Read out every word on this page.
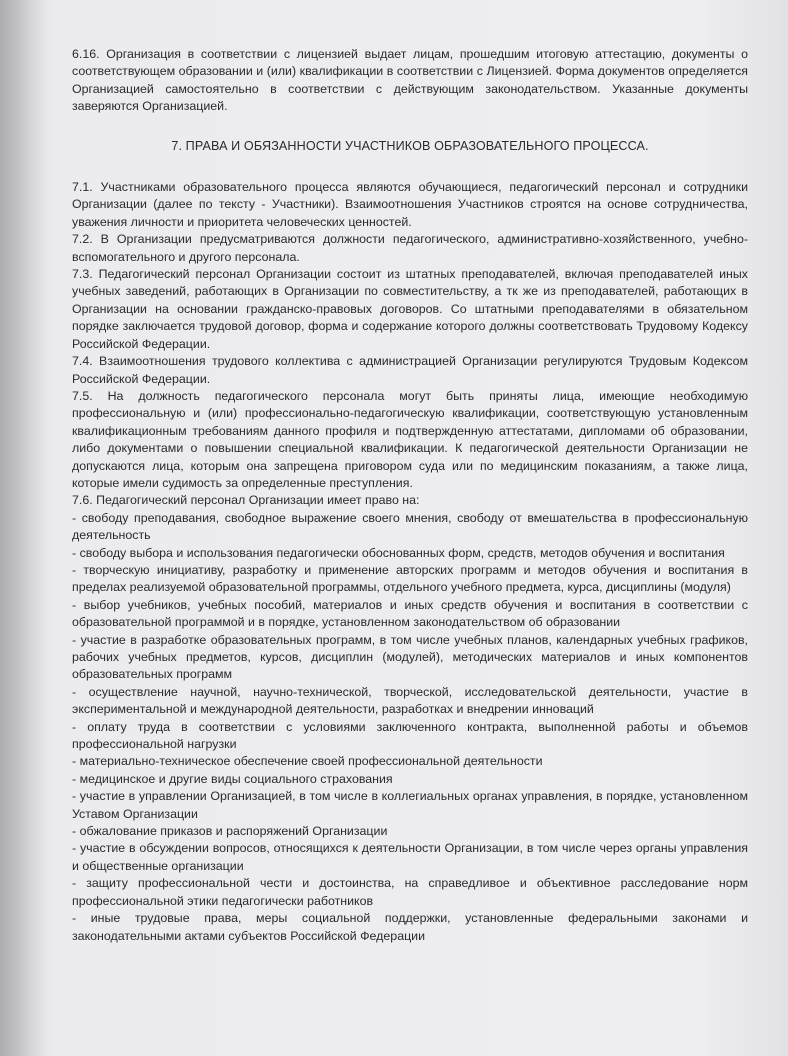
6.16. Организация в соответствии с лицензией выдает лицам, прошедшим итоговую аттестацию, документы о соответствующем образовании и (или) квалификации в соответствии с Лицензией. Форма документов определяется Организацией самостоятельно в соответствии с действующим законодательством. Указанные документы заверяются Организацией.

7. ПРАВА И ОБЯЗАННОСТИ УЧАСТНИКОВ ОБРАЗОВАТЕЛЬНОГО ПРОЦЕССА.

7.1. Участниками образовательного процесса являются обучающиеся, педагогический персонал и сотрудники Организации (далее по тексту - Участники). Взаимоотношения Участников строятся на основе сотрудничества, уважения личности и приоритета человеческих ценностей.

7.2. В Организации предусматриваются должности педагогического, административно-хозяйственного, учебно-вспомогательного и другого персонала.

7.3. Педагогический персонал Организации состоит из штатных преподавателей, включая преподавателей иных учебных заведений, работающих в Организации по совместительству, а тк же из преподавателей, работающих в Организации на основании гражданско-правовых договоров. Со штатными преподавателями в обязательном порядке заключается трудовой договор, форма и содержание которого должны соответствовать Трудовому Кодексу Российской Федерации.

7.4. Взаимоотношения трудового коллектива с администрацией Организации регулируются Трудовым Кодексом Российской Федерации.

7.5. На должность педагогического персонала могут быть приняты лица, имеющие необходимую профессиональную и (или) профессионально-педагогическую квалификации, соответствующую установленным квалификационным требованиям данного профиля и подтвержденную аттестатами, дипломами об образовании, либо документами о повышении специальной квалификации. К педагогической деятельности Организации не допускаются лица, которым она запрещена приговором суда или по медицинским показаниям, а также лица, которые имели судимость за определенные преступления.

7.6. Педагогический персонал Организации имеет право на:

- свободу преподавания, свободное выражение своего мнения, свободу от вмешательства в профессиональную деятельность
- свободу выбора и использования педагогически обоснованных форм, средств, методов обучения и воспитания
- творческую инициативу, разработку и применение авторских программ и методов обучения и воспитания в пределах реализуемой образовательной программы, отдельного учебного предмета, курса, дисциплины (модуля)
- выбор учебников, учебных пособий, материалов и иных средств обучения и воспитания в соответствии с образовательной программой и в порядке, установленном законодательством об образовании
- участие в разработке образовательных программ, в том числе учебных планов, календарных учебных графиков, рабочих учебных предметов, курсов, дисциплин (модулей), методических материалов и иных компонентов образовательных программ
- осуществление научной, научно-технической, творческой, исследовательской деятельности, участие в экспериментальной и международной деятельности, разработках и внедрении инноваций
- оплату труда в соответствии с условиями заключенного контракта, выполненной работы и объемов профессиональной нагрузки
- материально-техническое обеспечение своей профессиональной деятельности
- медицинское и другие виды социального страхования
- участие в управлении Организацией, в том числе в коллегиальных органах управления, в порядке, установленном Уставом Организации
- обжалование приказов и распоряжений Организации
- участие в обсуждении вопросов, относящихся к деятельности Организации, в том числе через органы управления и общественные организации
- защиту профессиональной чести и достоинства, на справедливое и объективное расследование норм профессиональной этики педагогически работников
- иные трудовые права, меры социальной поддержки, установленные федеральными законами и законодательными актами субъектов Российской Федерации
